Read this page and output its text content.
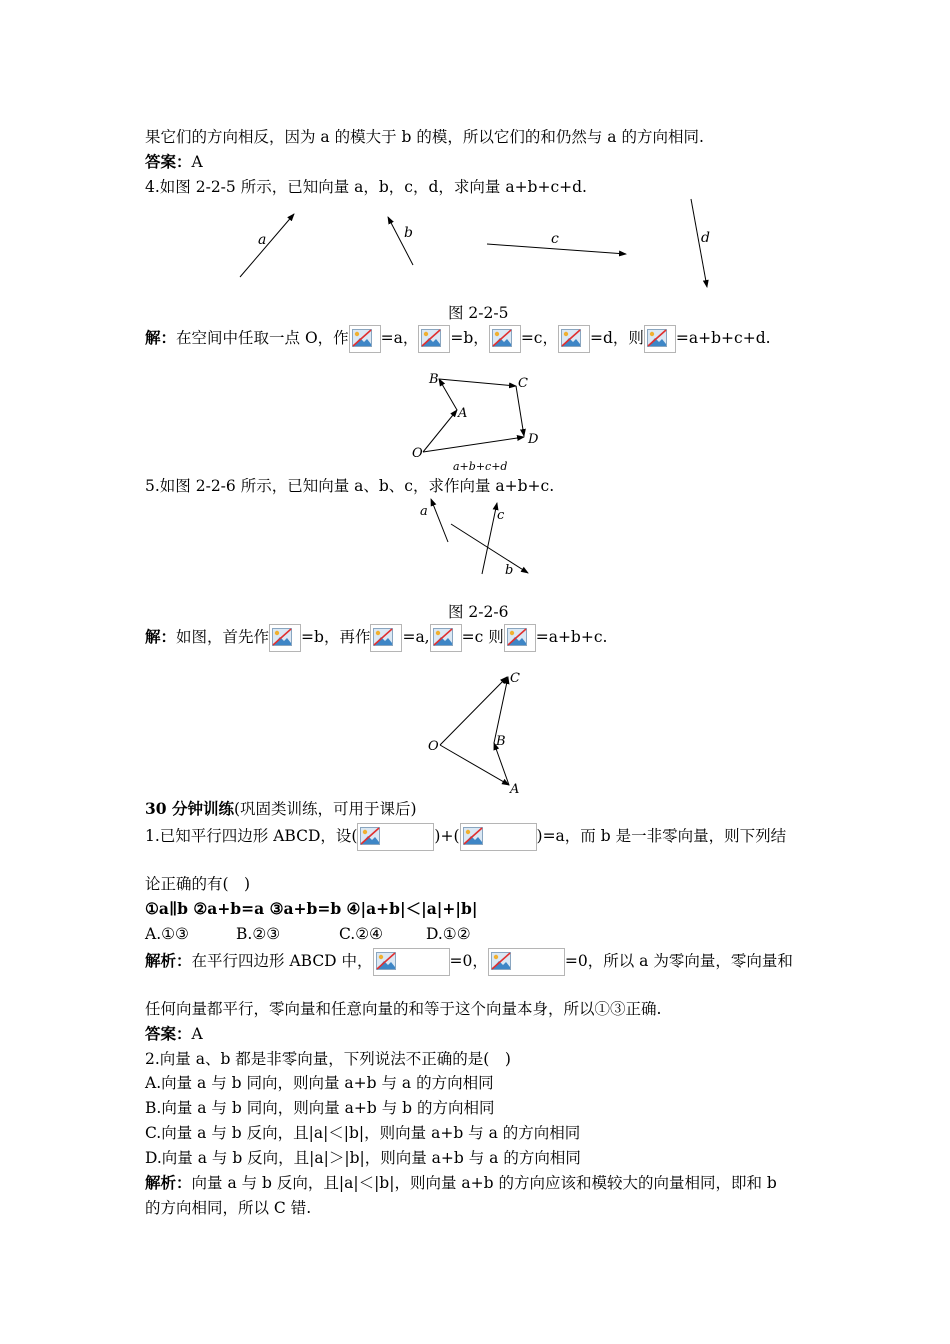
果它们的方向相反，因为 a 的模大于 b 的模，所以它们的和仍然与 a 的方向相同.
答案：A
4.如图 2-2-5 所示，已知向量 a，b，c，d，求向量 a+b+c+d.
a	b	c	d
图 2-2-5
解：在空间中任取一点 O，作 =a， =b， =c， =d，则 =a+b+c+d.
B	C
A
O
D
a+b+c+d
5.如图 2-2-6 所示，已知向量 a、b、c，求作向量 a+b+c.
a	c
b
图 2-2-6
解：如图，首先作 =b，再作 =a, =c 则 =a+b+c.
C
O	B
A
30 分钟训练(巩固类训练，可用于课后)
1.已知平行四边形 ABCD，设(	)+(	)=a，而 b 是一非零向量，则下列结
论正确的有(　)
①a∥b ②a+b=a ③a+b=b ④|a+b|＜|a|+|b|
A.①③	B.②③	C.②④	D.①②
解析：在平行四边形 ABCD 中，	=0，	=0，所以 a 为零向量，零向量和
任何向量都平行，零向量和任意向量的和等于这个向量本身，所以①③正确.
答案：A
2.向量 a、b 都是非零向量，下列说法不正确的是(　)
A.向量 a 与 b 同向，则向量 a+b 与 a 的方向相同
B.向量 a 与 b 同向，则向量 a+b 与 b 的方向相同
C.向量 a 与 b 反向，且|a|＜|b|，则向量 a+b 与 a 的方向相同
D.向量 a 与 b 反向，且|a|＞|b|，则向量 a+b 与 a 的方向相同
解析：向量 a 与 b 反向，且|a|＜|b|，则向量 a+b 的方向应该和模较大的向量相同，即和 b
的方向相同，所以 C 错.
